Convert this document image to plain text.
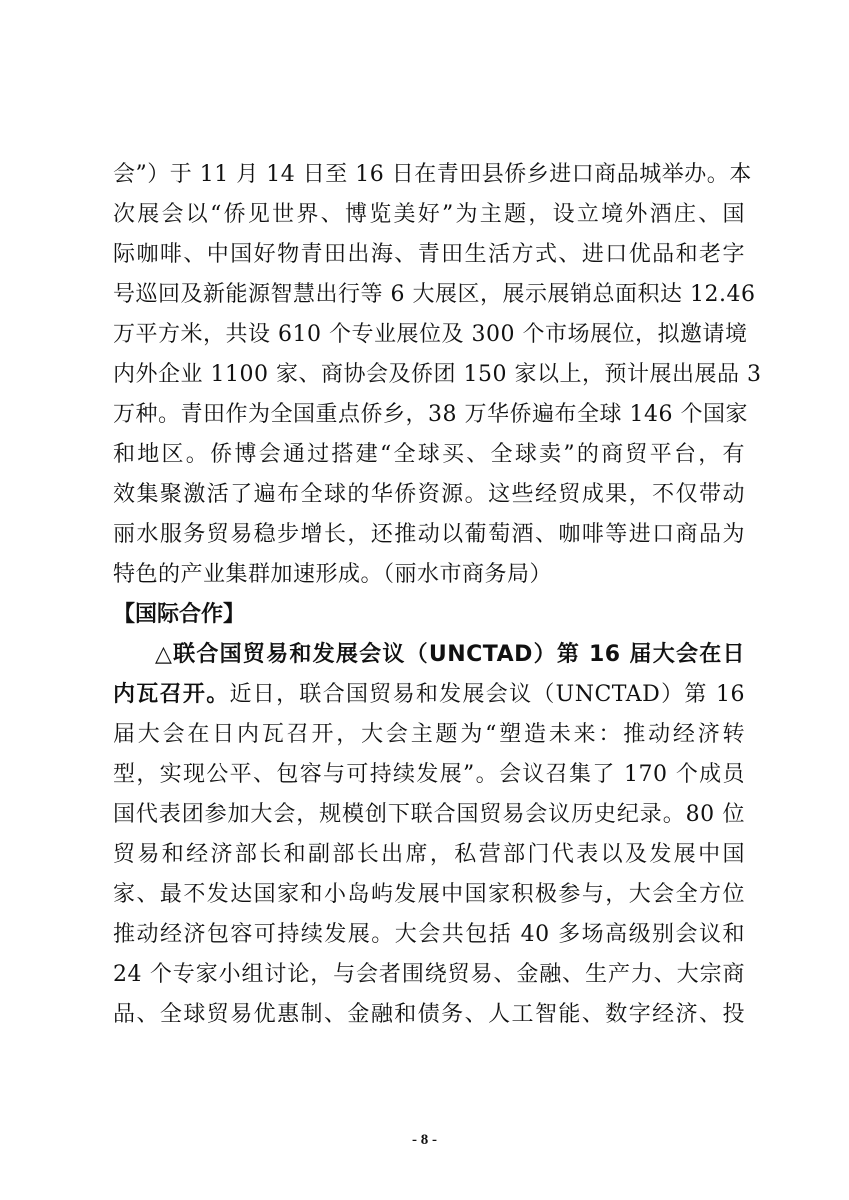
会”）于 11 月 14 日至 16 日在青田县侨乡进口商品城举办。本
次展会以“侨见世界、博览美好”为主题，设立境外酒庄、国
际咖啡、中国好物青田出海、青田生活方式、进口优品和老字
号巡回及新能源智慧出行等 6 大展区，展示展销总面积达 12.46
万平方米，共设 610 个专业展位及 300 个市场展位，拟邀请境
内外企业 1100 家、商协会及侨团 150 家以上，预计展出展品 3
万种。青田作为全国重点侨乡，38 万华侨遍布全球 146 个国家
和地区。侨博会通过搭建“全球买、全球卖”的商贸平台，有
效集聚激活了遍布全球的华侨资源。这些经贸成果，不仅带动
丽水服务贸易稳步增长，还推动以葡萄酒、咖啡等进口商品为
特色的产业集群加速形成。（丽水市商务局）
【国际合作】
△联合国贸易和发展会议（UNCTAD）第 16 届大会在日
内瓦召开。近日，联合国贸易和发展会议（UNCTAD）第 16
届大会在日内瓦召开，大会主题为“塑造未来：推动经济转
型，实现公平、包容与可持续发展”。会议召集了 170 个成员
国代表团参加大会，规模创下联合国贸易会议历史纪录。80 位
贸易和经济部长和副部长出席，私营部门代表以及发展中国
家、最不发达国家和小岛屿发展中国家积极参与，大会全方位
推动经济包容可持续发展。大会共包括 40 多场高级别会议和
24 个专家小组讨论，与会者围绕贸易、金融、生产力、大宗商
品、全球贸易优惠制、金融和债务、人工智能、数字经济、投
- 8 -
